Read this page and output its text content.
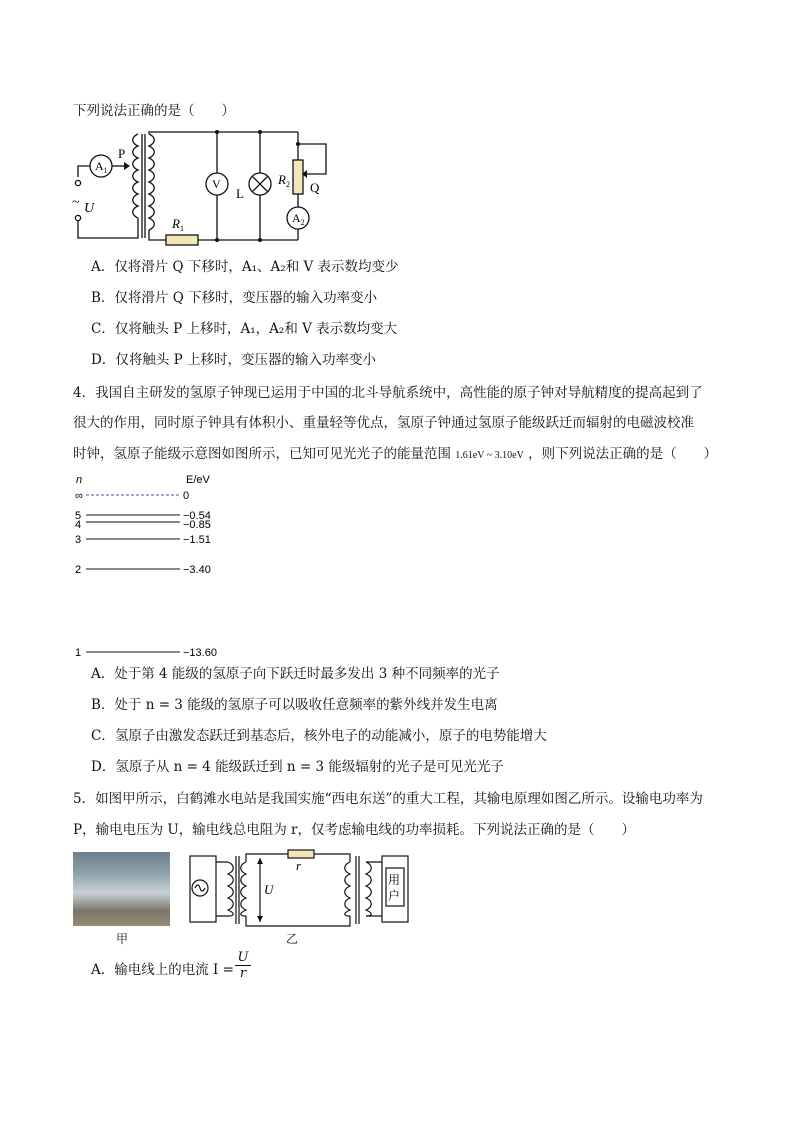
下列说法正确的是（　　）
$A_1$
P
~ U
V
L
$R_1$
$R_2$ Q
$A_2$
A．仅将滑片 Q 下移时，A₁、A₂和 V 表示数均变少
B．仅将滑片 Q 下移时，变压器的输入功率变小
C．仅将触头 P 上移时，A₁，A₂和 V 表示数均变大
D．仅将触头 P 上移时，变压器的输入功率变小
4．我国自主研发的氢原子钟现已运用于中国的北斗导航系统中，高性能的原子钟对导航精度的提高起到了
很大的作用，同时原子钟具有体积小、重量轻等优点，氢原子钟通过氢原子能级跃迁而辐射的电磁波校准
时钟，氢原子能级示意图如图所示，已知可见光光子的能量范围 1.61eV ~ 3.10eV ，则下列说法正确的是（　　）
n	E/eV
∞	0
5	−0.54
4	−0.85
3	−1.51
2	−3.40
1	−13.60
A．处于第 4 能级的氢原子向下跃迁时最多发出 3 种不同频率的光子
B．处于 n = 3 能级的氢原子可以吸收任意频率的紫外线并发生电离
C．氢原子由激发态跃迁到基态后，核外电子的动能减小，原子的电势能增大
D．氢原子从 n = 4 能级跃迁到 n = 3 能级辐射的光子是可见光光子
5．如图甲所示，白鹤滩水电站是我国实施“西电东送”的重大工程，其输电原理如图乙所示。设输电功率为
P，输电电压为 U，输电线总电阻为 r，仅考虑输电线的功率损耗。下列说法正确的是（　　）
甲
r
U
用
户
乙
A．输电线上的电流 I =
U
r
